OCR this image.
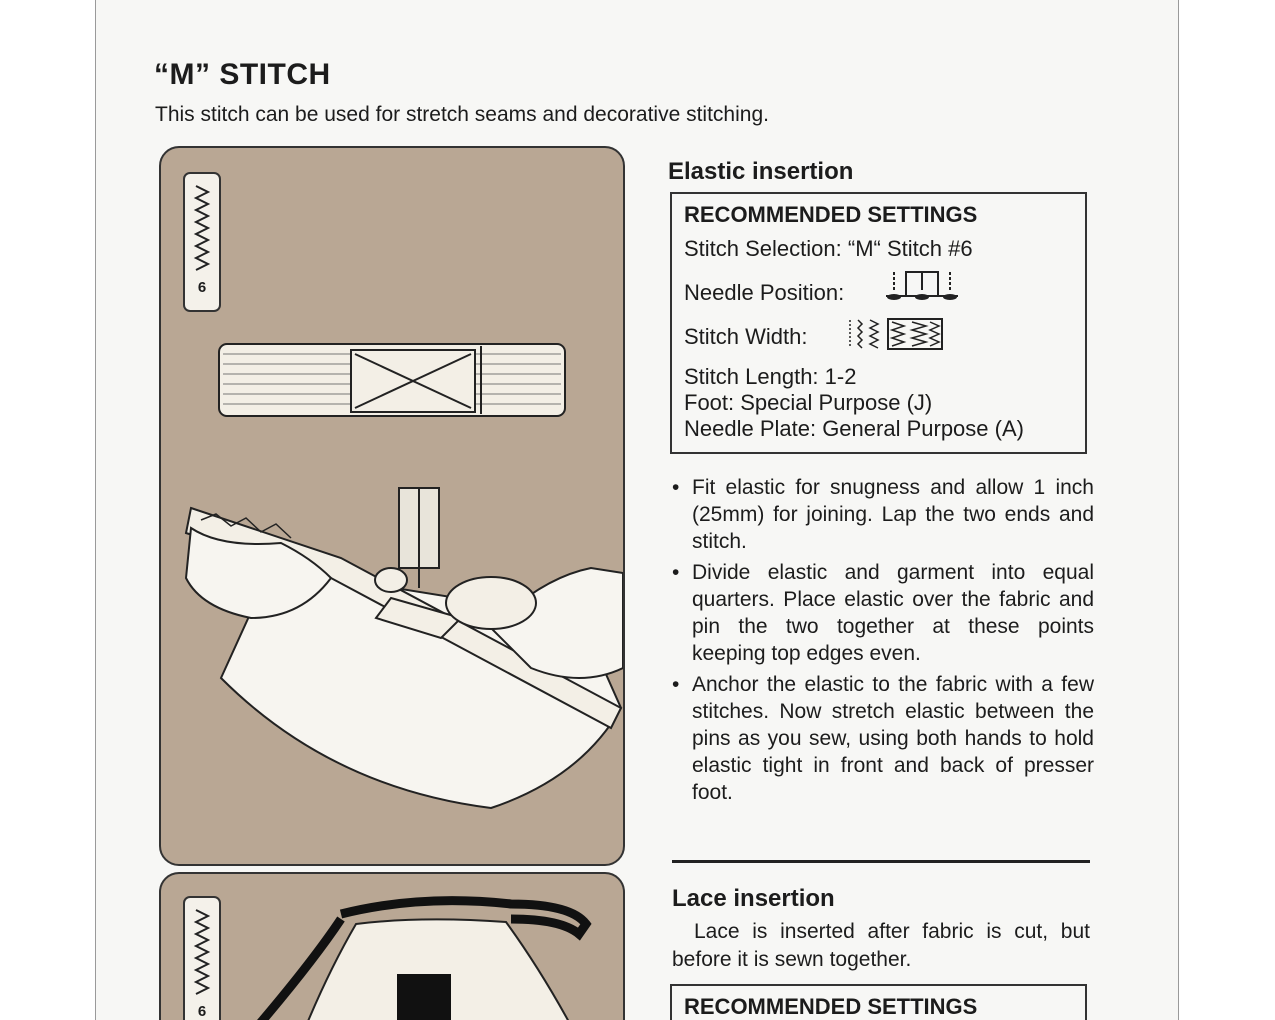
“M” STITCH

This stitch can be used for stretch seams and decorative stitching.

6
6
Elastic insertion
RECOMMENDED SETTINGS
Stitch Selection: “M“ Stitch #6
Needle Position:
Stitch Width:
Stitch Length: 1-2
Foot: Special Purpose (J)
Needle Plate: General Purpose (A)
• Fit elastic for snugness and allow 1 inch (25mm) for joining. Lap the two ends and stitch.
• Divide elastic and garment into equal quarters. Place elastic over the fabric and pin the two together at these points keeping top edges even.
• Anchor the elastic to the fabric with a few stitches. Now stretch elastic between the pins as you sew, using both hands to hold elastic tight in front and back of presser foot.
Lace insertion

Lace is inserted after fabric is cut, but before it is sewn together.

RECOMMENDED SETTINGS
